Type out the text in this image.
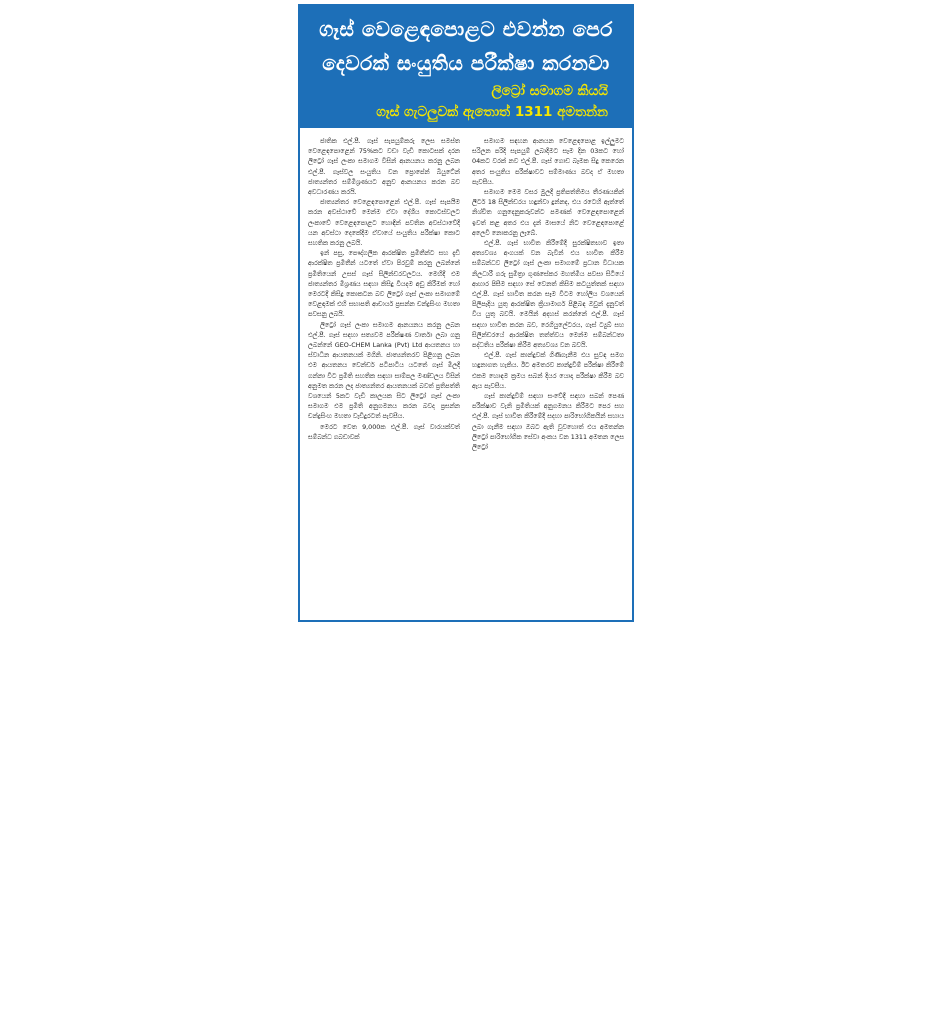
ගෑස් වෙළෙඳපොළට එවන්න පෙර
දෙවරක් සංයුතිය පරීක්ෂා කරනවා
ලිට්‍රෝ සමාගම කියයි
ගෑස් ගැටලුවක් ඇතොත් 1311 අමතන්න

ජාතික එල්.පී. ගෑස් සැපයුම්කරු ලෙස සමස්ත වෙළෙඳපොළෙන් 75%කට වඩා වැඩි කොටසක් දරන ලිට්‍රෝ ගෑස් ලංකා සමාගම විසින් ආනයනය කරනු ලබන එල්.පී. ගෑස්වල සංයුතිය වන ප්‍රොපේන් බියුටේන් ජාත්‍යන්තර සම්මිශ්‍රණයට අනුව ආනයනය කරන බව අවධාරණය කරයි.

ජාත්‍යන්තර වෙළෙඳපොළෙන් එල්.පී. ගෑස් සැපයීම කරන අවස්ථාවේ මෙන්ම ඒවා දේශීය කොටස්වලට ලංකාවේ වෙළෙඳපොළට හොඳින් පවතින අවස්ථාවේදී යන අවස්ථා දෙකේදීම ඒවායේ සංයුතිය පරීක්ෂා කොට සහතික කරනු ලබයි.

ඉන් පසු, පෞද්ගලික ආරක්ෂිත ප්‍රමිතීන්ට සහ දැඩි ආරක්ෂිත ප්‍රමිතීන් යටතේ ඒවා පිරවුම් කරනු ලබන්නේ ප්‍රමිතියෙන් උසස් ගෑස් සිලින්ඩරවලටය. මෙහිදී එම ජාත්‍යන්තර මිශ්‍රණය සඳහා කිසිදු වියදම අඩු කිරීමක් හෝ මෙරටදී කිසිදු කොකටන බව ලිට්‍රෝ ගෑස් ලංකා සමාගමේ වෙළඳාමක් එහි සභාපති ආචාර්ය ප්‍රසන්න චන්ද්‍රසිංහ මහතා පවසනු ලබයි.

ලිට්‍රෝ ගෑස් ලංකා සමාගම ආනයනය කරනු ලබන එල්.පී. ගෑස් සඳහා සත්‍යවම පරීක්ෂණ වාර්තා ලබා ගනු ලබන්නේ GEO-CHEM Lanka (Pvt) Ltd ආයතනය හා ස්වාධීන ආයතනයක් මගිනි. ජාත්‍යන්තරව පිළිගනු ලබන එම ආයතනය වෙන්ඩර් පටිපාටිය යටතේ ගෑස් මිලදී ගන්නා විට ප්‍රමිති සහතික සඳහා සාම්පල මණ්ඩලය විසින් අනුමත කරන ලද ජාත්‍යන්තර ආයතනයක් බවත් ප්‍රතිපත්ති වශයෙන් 5කට වැඩි කාලයක සිට ලිට්‍රෝ ගෑස් ලංකා සමාගම එම ප්‍රමිති අනුගමනය කරන බවද ප්‍රසන්න චන්ද්‍රසිංහ මහතා වැඩිදුරටත් පැවසීය.

මෙරට වෙත 9,000ක එල්.පී. ගෑස් වාරයක්වත් සම්බන්ධ ගබඩාවක්

සමාගම සඳහන ආනයන වෙළෙඳපොළ ඉල්ලුමට සරිලන පරිදි සැපයුම් ලබාදීමට සෑම දින 03කට හෝ 04කට වරක් නව එල්.පී. ගෑස් ගොඩ බෑමක සිදු කෙරෙන අතර සංයුතිය පරීක්ෂාවට සම්මාණය බවද ඒ මහතා පැවසීය.

සමාගම මෙම වසර මුලදී ප්‍රතිපත්තිමය තීරණයකින් ලීටර් 18 සිලින්ඩරය හඳුන්වා දුන්නද, එය රටෙහි ඇත්තේ නිශ්චිත ගනුදෙනුකරුවන්ට පමණක් වෙළෙඳපොළෙන් ඉවත් කළ අතර එය දැන් මාසයේ නිට වෙළෙඳපොළේ අලෙවි නොකරනු ලැබේ.

එල්.පී. ගෑස් භාවිත කිරීමේදී සුරක්ෂිතභාව ඉතා අත්‍යවශ්‍ය අංගයක් වන බැවින් එය භාවිත කිරීම සම්බන්ධව ලිට්‍රෝ ගෑස් ලංකා සමාගමේ ප්‍රධාන විධායක නිලධාරී ගරු සුමිත්‍රා ගුණසේකර මහත්මිය පවසා සිටියේ ආහාර පිසීම සඳහා සේ වෙනත් කිසිම කටයුත්තක් සඳහා එල්.පී. ගෑස් භාවිත කරන සෑම විටම හෝලිය වශයෙන් පිලිපැදිය යුතු ආරක්ෂිත ක්‍රියාමාර්ග පිළිබඳ ඔවුන් දැනුවත් විය යුතු බවයි. මෙයින් අදහස් කරන්නේ එල්.පී. ගෑස් සඳහා භාවිත කරන බව, රෙගියුලේටරය, ගෑස් ට්‍යුබ් සහ සිලින්ඩරයේ ආරක්ෂිත තත්ත්වය මෙන්ම සම්බන්ධතා පද්ධතිය පරීක්ෂා කිරීම අත්‍යවශ්‍ය වන බවයි.

එල්.පී. ගෑස් කාන්දුවක් ගිණිගැනීම එය සුවඳ සමග හඳුනාගත හැකිය. ඊට අමතරව කාන්දුවීම් පරීක්ෂා කිරීමේ එකම හොඳම ක්‍රමය සබන් දියර යොදා පරීක්ෂා කිරීම බව ඇය පැවසීය.

ගෑස් කාන්දුවීම් සඳහා සංවේදී සඳහා සබන් පෙණ පරීක්ෂාව වැනි ප්‍රමිතියක් අනුගමනය කිරීමට පෙර සහ එල්.පී. ගෑස් භාවිත කිරීමේදී සදහා පාරිභෝගිකයින් සහාය ලබා ගැනීම සඳහා ඔබට ඇති වූවහොත් එය අමතන්න ලිට්‍රෝ පාරිභෝගික සේවා අංකය වන 1311 අමතන ලෙස ලිට්‍රෝ
